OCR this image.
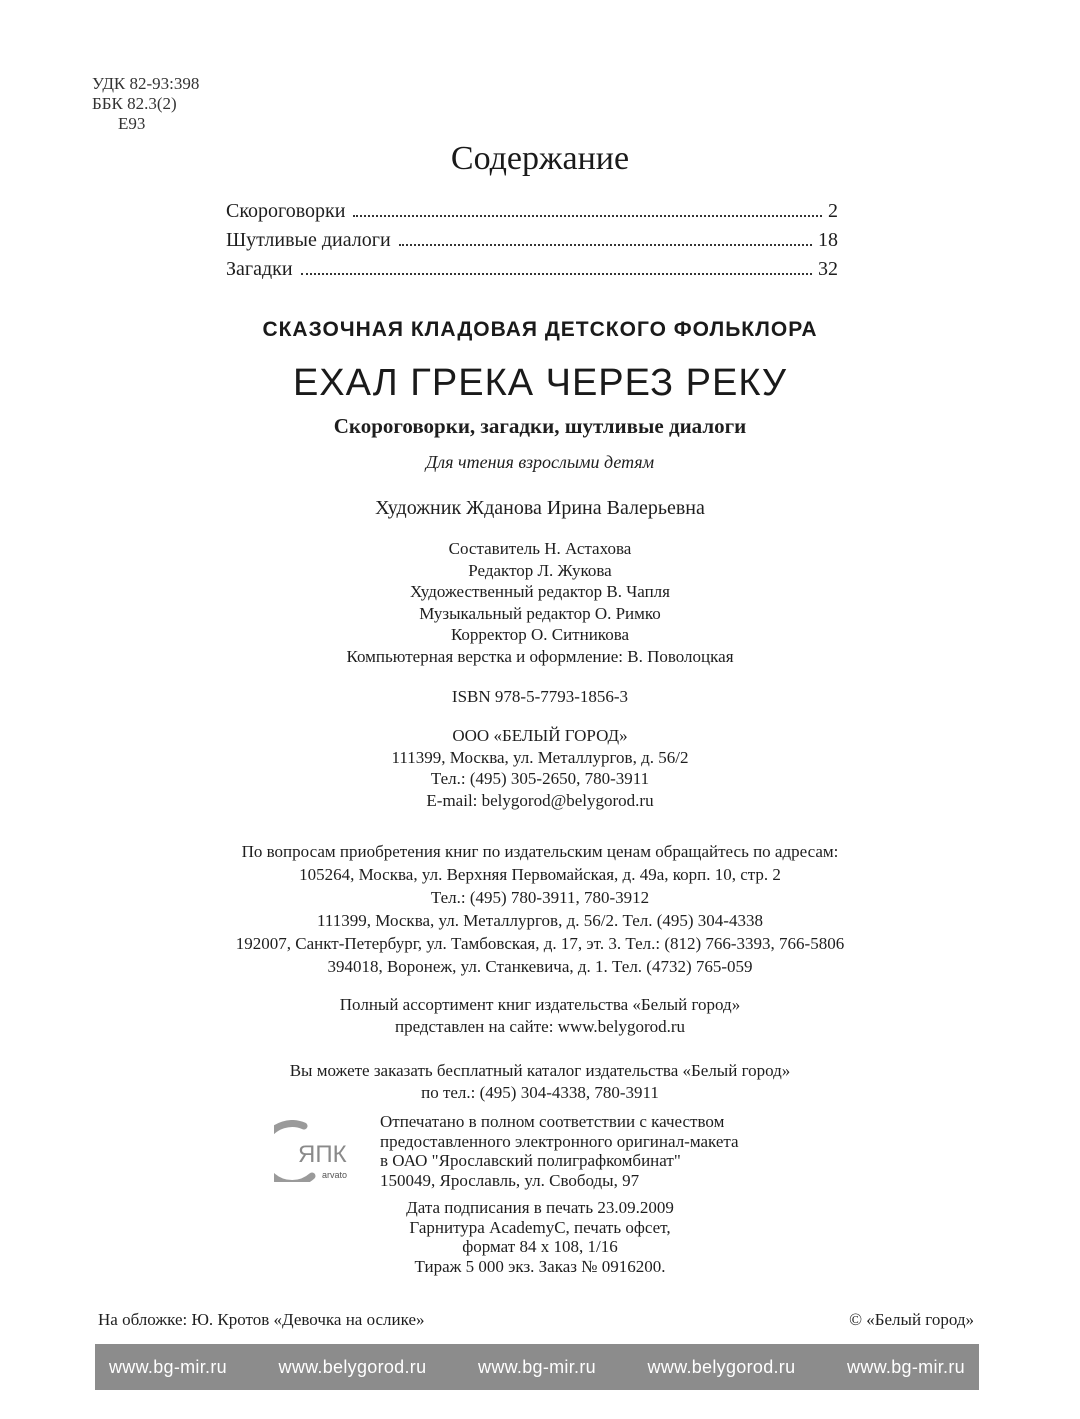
УДК 82-93:398
ББК 82.3(2)
Е93
Содержание
Скороговорки	2
Шутливые диалоги	18
Загадки	32
СКАЗОЧНАЯ КЛАДОВАЯ ДЕТСКОГО ФОЛЬКЛОРА
ЕХАЛ ГРЕКА ЧЕРЕЗ РЕКУ
Скороговорки, загадки, шутливые диалоги
Для чтения взрослыми детям
Художник Жданова Ирина Валерьевна
Составитель Н. Астахова
Редактор Л. Жукова
Художественный редактор В. Чапля
Музыкальный редактор О. Римко
Корректор О. Ситникова
Компьютерная верстка и оформление: В. Поволоцкая
ISBN 978-5-7793-1856-3
ООО «БЕЛЫЙ ГОРОД»
111399, Москва, ул. Металлургов, д. 56/2
Тел.: (495) 305-2650, 780-3911
E-mail: belygorod@belygorod.ru
По вопросам приобретения книг по издательским ценам обращайтесь по адресам:
105264, Москва, ул. Верхняя Первомайская, д. 49а, корп. 10, стр. 2
Тел.: (495) 780-3911, 780-3912
111399, Москва, ул. Металлургов, д. 56/2. Тел. (495) 304-4338
192007, Санкт-Петербург, ул. Тамбовская, д. 17, эт. 3. Тел.: (812) 766-3393, 766-5806
394018, Воронеж, ул. Станкевича, д. 1. Тел. (4732) 765-059
Полный ассортимент книг издательства «Белый город»
представлен на сайте: www.belygorod.ru
Вы можете заказать бесплатный каталог издательства «Белый город»
по тел.: (495) 304-4338, 780-3911
ЯПК
arvato
Отпечатано в полном соответствии с качеством
предоставленного электронного оригинал-макета
в ОАО "Ярославский полиграфкомбинат"
150049, Ярославль, ул. Свободы, 97
Дата подписания в печать 23.09.2009
Гарнитура AcademyC, печать офсет,
формат 84 x 108, 1/16
Тираж 5 000 экз. Заказ № 0916200.
На обложке: Ю. Кротов «Девочка на ослике»	© «Белый город»
www.bg-mir.ru	www.belygorod.ru	www.bg-mir.ru	www.belygorod.ru	www.bg-mir.ru
